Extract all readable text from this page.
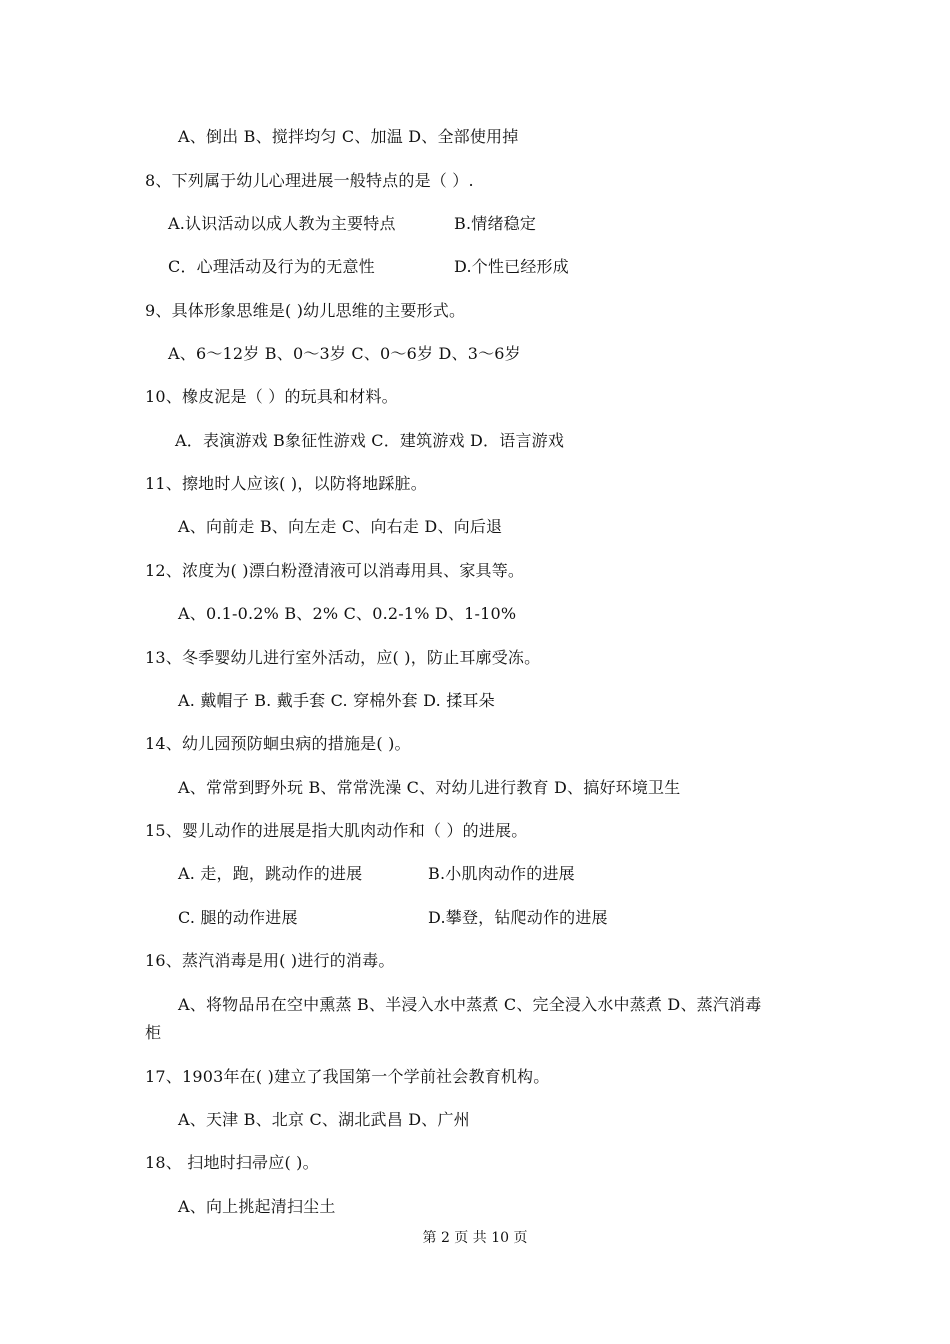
A、倒出 B、搅拌均匀 C、加温 D、全部使用掉
8、下列属于幼儿心理进展一般特点的是（ ）.
A.认识活动以成人教为主要特点	B.情绪稳定
C．心理活动及行为的无意性	D.个性已经形成
9、具体形象思维是( )幼儿思维的主要形式。
A、6～12岁 B、0～3岁 C、0～6岁 D、3～6岁
10、橡皮泥是（ ）的玩具和材料。
A．表演游戏 B象征性游戏 C．建筑游戏 D．语言游戏
11、擦地时人应该( )，以防将地踩脏。
A、向前走 B、向左走 C、向右走 D、向后退
12、浓度为( )漂白粉澄清液可以消毒用具、家具等。
A、0.1-0.2% B、2% C、0.2-1% D、1-10%
13、冬季婴幼儿进行室外活动，应( )，防止耳廓受冻。
A. 戴帽子 B. 戴手套 C. 穿棉外套 D. 揉耳朵
14、幼儿园预防蛔虫病的措施是( )。
A、常常到野外玩 B、常常洗澡 C、对幼儿进行教育 D、搞好环境卫生
15、婴儿动作的进展是指大肌肉动作和（ ）的进展。
A. 走，跑，跳动作的进展	B.小肌肉动作的进展
C. 腿的动作进展	D.攀登，钻爬动作的进展
16、蒸汽消毒是用( )进行的消毒。
A、将物品吊在空中熏蒸 B、半浸入水中蒸煮 C、完全浸入水中蒸煮 D、蒸汽消毒
柜
17、1903年在( )建立了我国第一个学前社会教育机构。
A、天津 B、北京 C、湖北武昌 D、广州
18、 扫地时扫帚应( )。
A、向上挑起清扫尘土
第 2 页 共 10 页
